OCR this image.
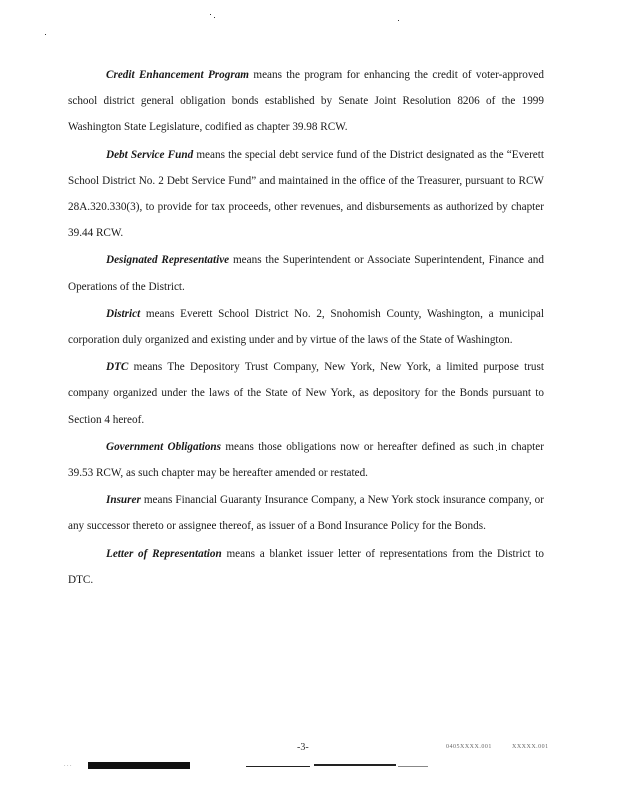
Credit Enhancement Program means the program for enhancing the credit of voter-approved school district general obligation bonds established by Senate Joint Resolution 8206 of the 1999 Washington State Legislature, codified as chapter 39.98 RCW.

Debt Service Fund means the special debt service fund of the District designated as the “Everett School District No. 2 Debt Service Fund” and maintained in the office of the Treasurer, pursuant to RCW 28A.320.330(3), to provide for tax proceeds, other revenues, and disbursements as authorized by chapter 39.44 RCW.

Designated Representative means the Superintendent or Associate Superintendent, Finance and Operations of the District.

District means Everett School District No. 2, Snohomish County, Washington, a municipal corporation duly organized and existing under and by virtue of the laws of the State of Washington.

DTC means The Depository Trust Company, New York, New York, a limited purpose trust company organized under the laws of the State of New York, as depository for the Bonds pursuant to Section 4 hereof.

Government Obligations means those obligations now or hereafter defined as such in chapter 39.53 RCW, as such chapter may be hereafter amended or restated.

Insurer means Financial Guaranty Insurance Company, a New York stock insurance company, or any successor thereto or assignee thereof, as issuer of a Bond Insurance Policy for the Bonds.

Letter of Representation means a blanket issuer letter of representations from the District to DTC.

-3-	0405XXXX.001	XXXXX.001
. . .
